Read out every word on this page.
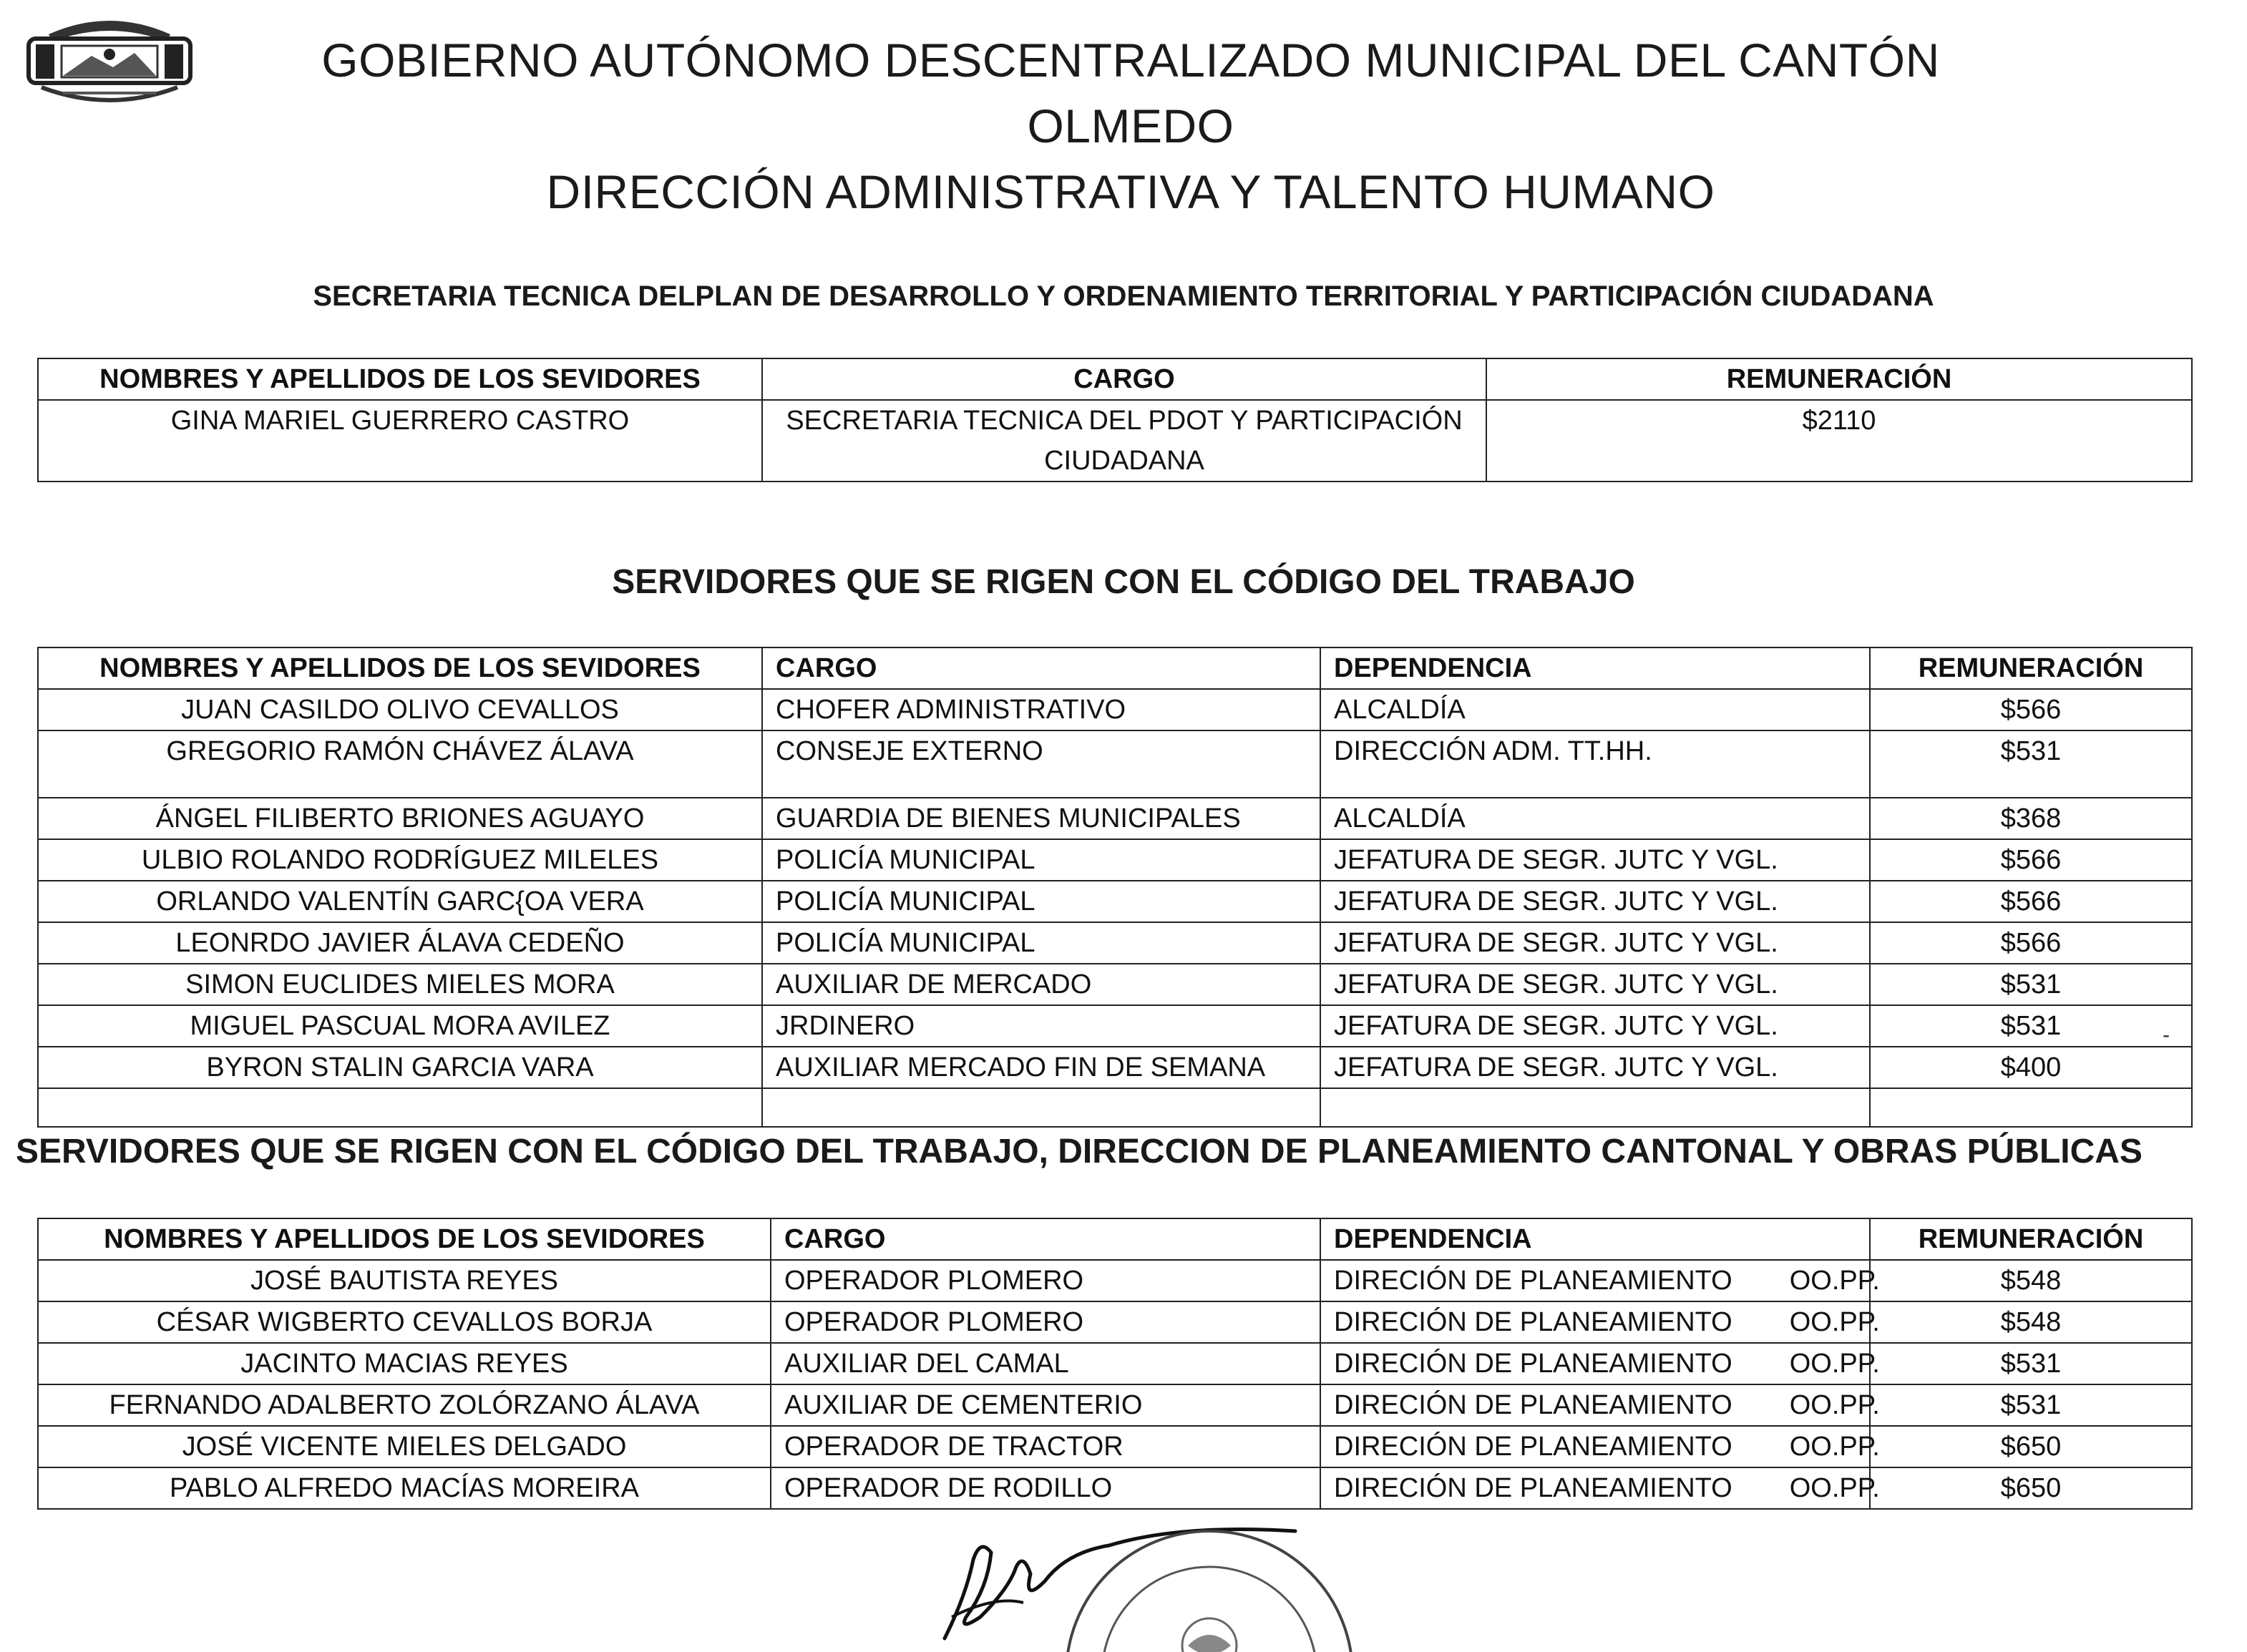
GOBIERNO AUTÓNOMO DESCENTRALIZADO MUNICIPAL DEL CANTÓN OLMEDO
DIRECCIÓN ADMINISTRATIVA Y TALENTO HUMANO
SECRETARIA TECNICA DELPLAN DE DESARROLLO Y ORDENAMIENTO TERRITORIAL Y PARTICIPACIÓN CIUDADANA
NOMBRES Y APELLIDOS DE LOS SEVIDORES	CARGO	REMUNERACIÓN
GINA MARIEL GUERRERO CASTRO	SECRETARIA TECNICA DEL PDOT Y PARTICIPACIÓN CIUDADANA	$2110
SERVIDORES QUE SE RIGEN CON EL CÓDIGO DEL TRABAJO
NOMBRES Y APELLIDOS DE LOS SEVIDORES	CARGO	DEPENDENCIA	REMUNERACIÓN
JUAN CASILDO OLIVO CEVALLOS	CHOFER ADMINISTRATIVO	ALCALDÍA	$566
GREGORIO RAMÓN CHÁVEZ ÁLAVA	CONSEJE EXTERNO	DIRECCIÓN ADM. TT.HH.	$531
ÁNGEL FILIBERTO BRIONES AGUAYO	GUARDIA DE BIENES MUNICIPALES	ALCALDÍA	$368
ULBIO ROLANDO RODRÍGUEZ MILELES	POLICÍA MUNICIPAL	JEFATURA DE SEGR. JUTC Y VGL.	$566
ORLANDO VALENTÍN GARC{OA VERA	POLICÍA MUNICIPAL	JEFATURA DE SEGR. JUTC Y VGL.	$566
LEONRDO JAVIER ÁLAVA CEDEÑO	POLICÍA MUNICIPAL	JEFATURA DE SEGR. JUTC Y VGL.	$566
SIMON EUCLIDES MIELES MORA	AUXILIAR DE MERCADO	JEFATURA DE SEGR. JUTC Y VGL.	$531
MIGUEL PASCUAL MORA AVILEZ	JRDINERO	JEFATURA DE SEGR. JUTC Y VGL.	$531
BYRON STALIN GARCIA VARA	AUXILIAR MERCADO FIN DE SEMANA	JEFATURA DE SEGR. JUTC Y VGL.	$400

-
SERVIDORES QUE SE RIGEN CON EL CÓDIGO DEL TRABAJO, DIRECCION DE PLANEAMIENTO CANTONAL Y OBRAS PÚBLICAS
NOMBRES Y APELLIDOS DE LOS SEVIDORES	CARGO	DEPENDENCIA	REMUNERACIÓN
JOSÉ BAUTISTA REYES	OPERADOR PLOMERO	DIRECIÓN DE PLANEAMIENTO OO.PP.	$548
CÉSAR WIGBERTO CEVALLOS BORJA	OPERADOR PLOMERO	DIRECIÓN DE PLANEAMIENTO OO.PP.	$548
JACINTO MACIAS REYES	AUXILIAR DEL CAMAL	DIRECIÓN DE PLANEAMIENTO OO.PP.	$531
FERNANDO ADALBERTO ZOLÓRZANO ÁLAVA	AUXILIAR DE CEMENTERIO	DIRECIÓN DE PLANEAMIENTO OO.PP.	$531
JOSÉ VICENTE MIELES DELGADO	OPERADOR DE TRACTOR	DIRECIÓN DE PLANEAMIENTO OO.PP.	$650
PABLO ALFREDO MACÍAS MOREIRA	OPERADOR DE RODILLO	DIRECIÓN DE PLANEAMIENTO OO.PP.	$650
